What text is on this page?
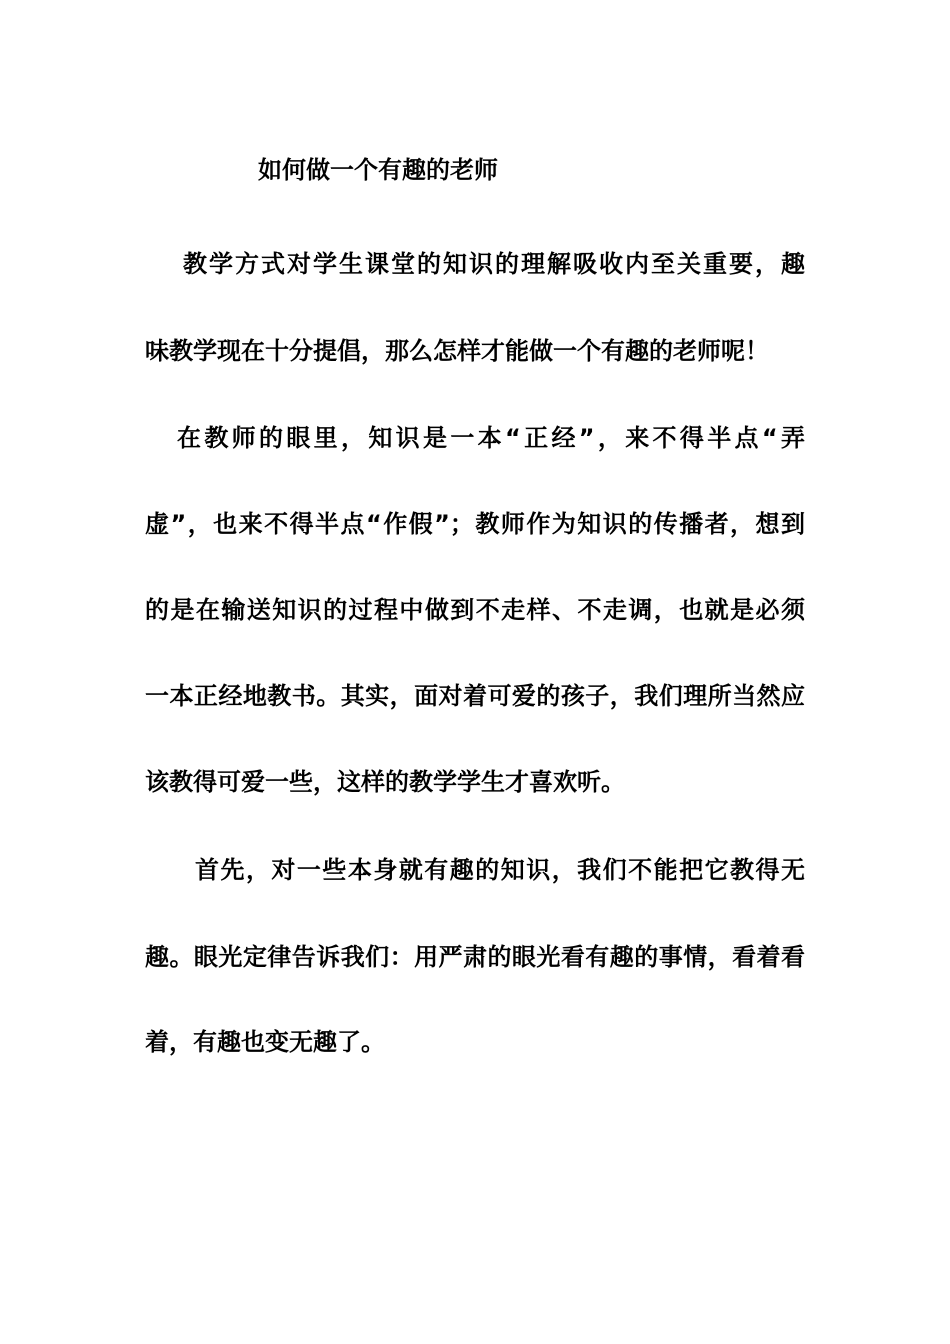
如何做一个有趣的老师
教学方式对学生课堂的知识的理解吸收内至关重要，趣
味教学现在十分提倡，那么怎样才能做一个有趣的老师呢！
在教师的眼里，知识是一本“正经”，来不得半点“弄
虚”，也来不得半点“作假”；教师作为知识的传播者，想到
的是在输送知识的过程中做到不走样、不走调，也就是必须
一本正经地教书。其实，面对着可爱的孩子，我们理所当然应
该教得可爱一些，这样的教学学生才喜欢听。
首先，对一些本身就有趣的知识，我们不能把它教得无
趣。眼光定律告诉我们：用严肃的眼光看有趣的事情，看着看
着，有趣也变无趣了。
